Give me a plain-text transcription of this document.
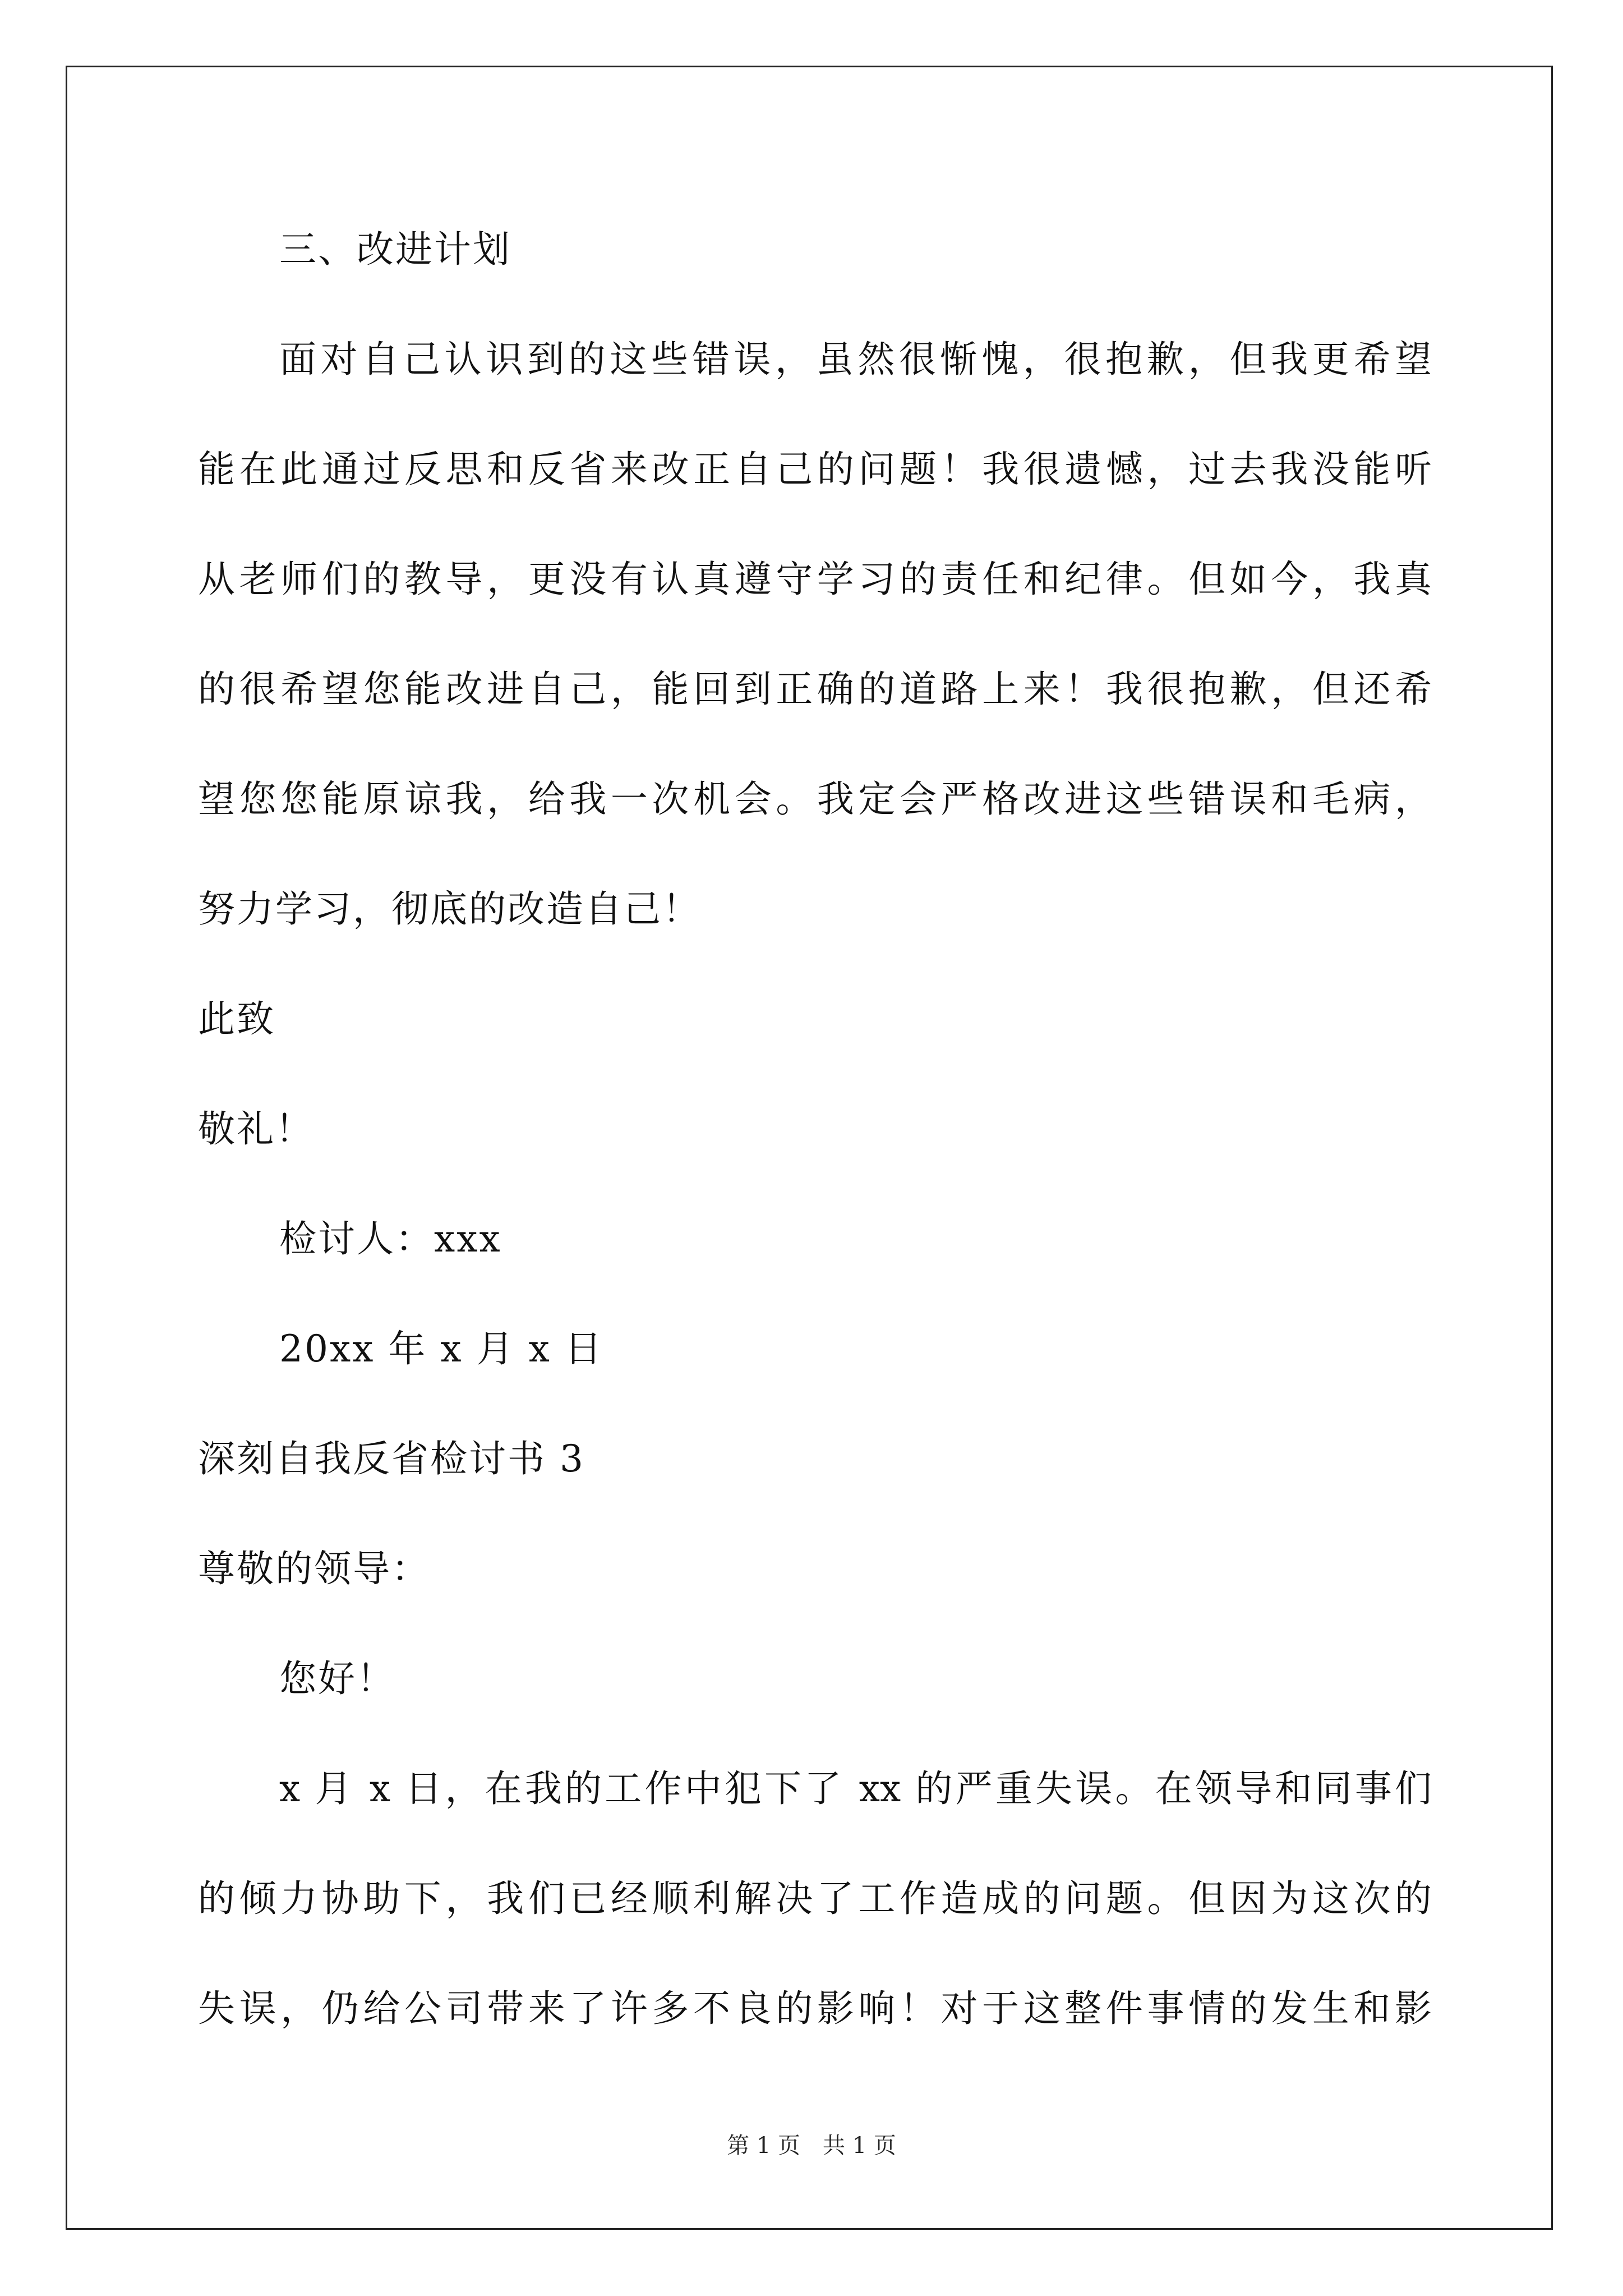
三、改进计划
面对自己认识到的这些错误，虽然很惭愧，很抱歉，但我更希望
能在此通过反思和反省来改正自己的问题！我很遗憾，过去我没能听
从老师们的教导，更没有认真遵守学习的责任和纪律。但如今，我真
的很希望您能改进自己，能回到正确的道路上来！我很抱歉，但还希
望您您能原谅我，给我一次机会。我定会严格改进这些错误和毛病，
努力学习，彻底的改造自己！
此致
敬礼！
检讨人：xxx
20xx 年 x 月 x 日
深刻自我反省检讨书 3
尊敬的领导：
您好！
x 月 x 日，在我的工作中犯下了 xx 的严重失误。在领导和同事们
的倾力协助下，我们已经顺利解决了工作造成的问题。但因为这次的
失误，仍给公司带来了许多不良的影响！对于这整件事情的发生和影
第 1 页　共 1 页
